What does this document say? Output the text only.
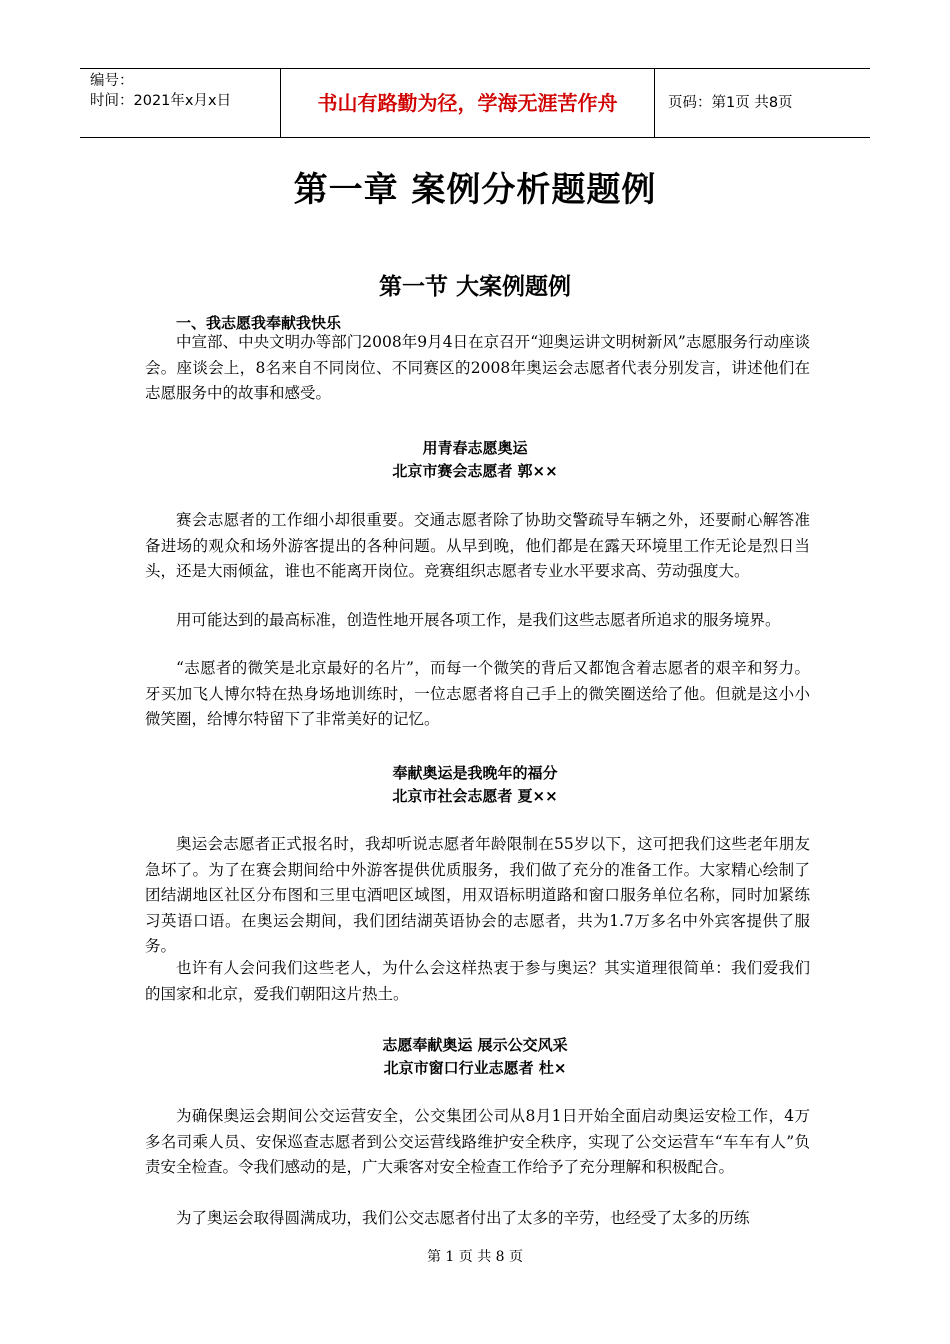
编号：
时间：2021年x月x日	书山有路勤为径，学海无涯苦作舟	页码：第1页 共8页
第一章 案例分析题题例
第一节 大案例题例
一、我志愿我奉献我快乐

中宣部、中央文明办等部门2008年9月4日在京召开“迎奥运讲文明树新风”志愿服务行动座谈会。座谈会上，8名来自不同岗位、不同赛区的2008年奥运会志愿者代表分别发言，讲述他们在志愿服务中的故事和感受。

用青春志愿奥运
北京市赛会志愿者 郭××

赛会志愿者的工作细小却很重要。交通志愿者除了协助交警疏导车辆之外，还要耐心解答准备进场的观众和场外游客提出的各种问题。从早到晚，他们都是在露天环境里工作无论是烈日当头，还是大雨倾盆，谁也不能离开岗位。竞赛组织志愿者专业水平要求高、劳动强度大。

用可能达到的最高标准，创造性地开展各项工作，是我们这些志愿者所追求的服务境界。

“志愿者的微笑是北京最好的名片”，而每一个微笑的背后又都饱含着志愿者的艰辛和努力。牙买加飞人博尔特在热身场地训练时，一位志愿者将自己手上的微笑圈送给了他。但就是这小小微笑圈，给博尔特留下了非常美好的记忆。

奉献奥运是我晚年的福分
北京市社会志愿者 夏××

奥运会志愿者正式报名时，我却听说志愿者年龄限制在55岁以下，这可把我们这些老年朋友急坏了。为了在赛会期间给中外游客提供优质服务，我们做了充分的准备工作。大家精心绘制了团结湖地区社区分布图和三里屯酒吧区域图，用双语标明道路和窗口服务单位名称，同时加紧练习英语口语。在奥运会期间，我们团结湖英语协会的志愿者，共为1.7万多名中外宾客提供了服务。

也许有人会问我们这些老人，为什么会这样热衷于参与奥运？其实道理很简单：我们爱我们的国家和北京，爱我们朝阳这片热土。

志愿奉献奥运 展示公交风采
北京市窗口行业志愿者 杜×

为确保奥运会期间公交运营安全，公交集团公司从8月1日开始全面启动奥运安检工作，4万多名司乘人员、安保巡查志愿者到公交运营线路维护安全秩序，实现了公交运营车“车车有人”负责安全检查。令我们感动的是，广大乘客对安全检查工作给予了充分理解和积极配合。

为了奥运会取得圆满成功，我们公交志愿者付出了太多的辛劳，也经受了太多的历练

第 1 页 共 8 页
